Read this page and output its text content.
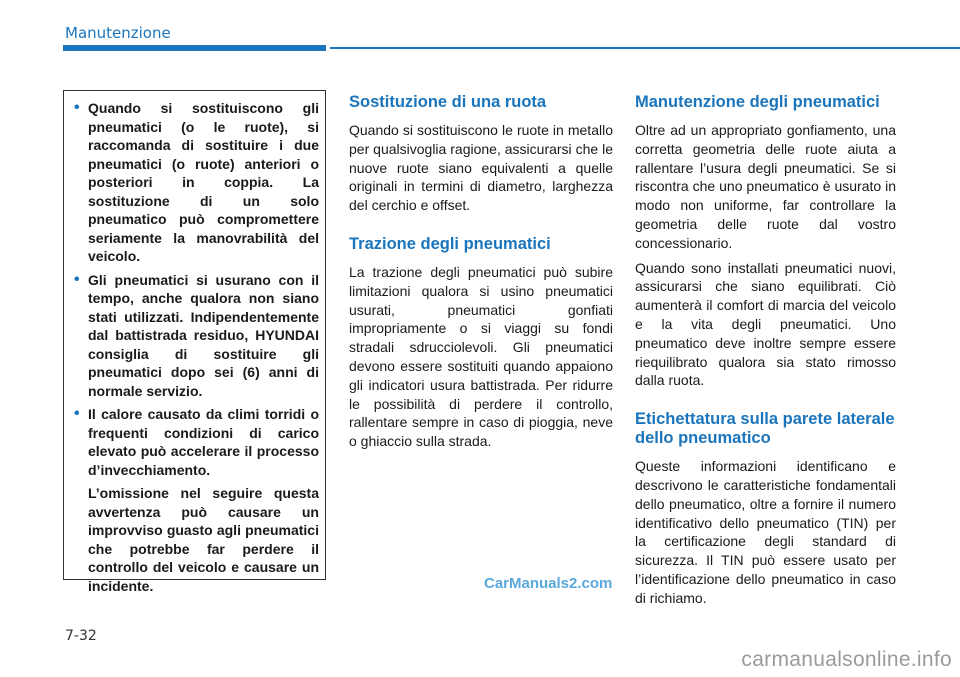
Manutenzione
• Quando si sostituiscono gli pneumatici (o le ruote), si raccomanda di sostituire i due pneumatici (o ruote) anteriori o posteriori in coppia. La sostituzione di un solo pneumatico può compromettere seriamente la manovrabilità del veicolo.
• Gli pneumatici si usurano con il tempo, anche qualora non siano stati utilizzati. Indipendentemente dal battistrada residuo, HYUNDAI consiglia di sostituire gli pneumatici dopo sei (6) anni di normale servizio.
• Il calore causato da climi torridi o frequenti condizioni di carico elevato può accelerare il processo d’invecchiamento.

L’omissione nel seguire questa avvertenza può causare un improvviso guasto agli pneumatici che potrebbe far perdere il controllo del veicolo e causare un incidente.

Sostituzione di una ruota

Quando si sostituiscono le ruote in metallo per qualsivoglia ragione, assicurarsi che le nuove ruote siano equivalenti a quelle originali in termini di diametro, larghezza del cerchio e offset.

Trazione degli pneumatici

La trazione degli pneumatici può subire limitazioni qualora si usino pneumatici usurati, pneumatici gonfiati impropriamente o si viaggi su fondi stradali sdrucciolevoli. Gli pneumatici devono essere sostituiti quando appaiono gli indicatori usura battistrada. Per ridurre le possibilità di perdere il controllo, rallentare sempre in caso di pioggia, neve o ghiaccio sulla strada.

Manutenzione degli pneumatici

Oltre ad un appropriato gonfiamento, una corretta geometria delle ruote aiuta a rallentare l’usura degli pneumatici. Se si riscontra che uno pneumatico è usurato in modo non uniforme, far controllare la geometria delle ruote dal vostro concessionario.

Quando sono installati pneumatici nuovi, assicurarsi che siano equilibrati. Ciò aumenterà il comfort di marcia del veicolo e la vita degli pneumatici. Uno pneumatico deve inoltre sempre essere riequilibrato qualora sia stato rimosso dalla ruota.

Etichettatura sulla parete laterale dello pneumatico

Queste informazioni identificano e descrivono le caratteristiche fondamentali dello pneumatico, oltre a fornire il numero identificativo dello pneumatico (TIN) per la certificazione degli standard di sicurezza. Il TIN può essere usato per l’identificazione dello pneumatico in caso di richiamo.

CarManuals2.com

7-32

carmanualsonline.info
